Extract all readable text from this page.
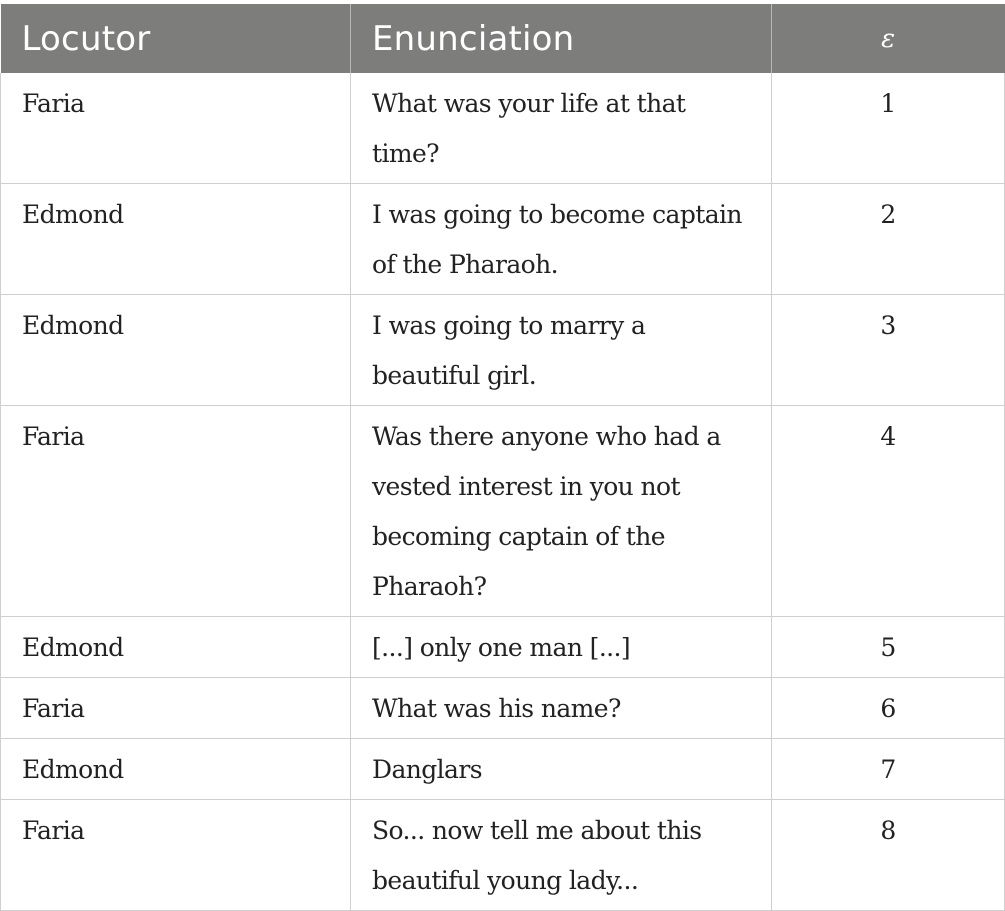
Locutor	Enunciation	ε
Faria	What was your life at that time?	1
Edmond	I was going to become captain of the Pharaoh.	2
Edmond	I was going to marry a beautiful girl.	3
Faria	Was there anyone who had a vested interest in you not becoming captain of the Pharaoh?	4
Edmond	[...] only one man [...]	5
Faria	What was his name?	6
Edmond	Danglars	7
Faria	So... now tell me about this beautiful young lady...	8
